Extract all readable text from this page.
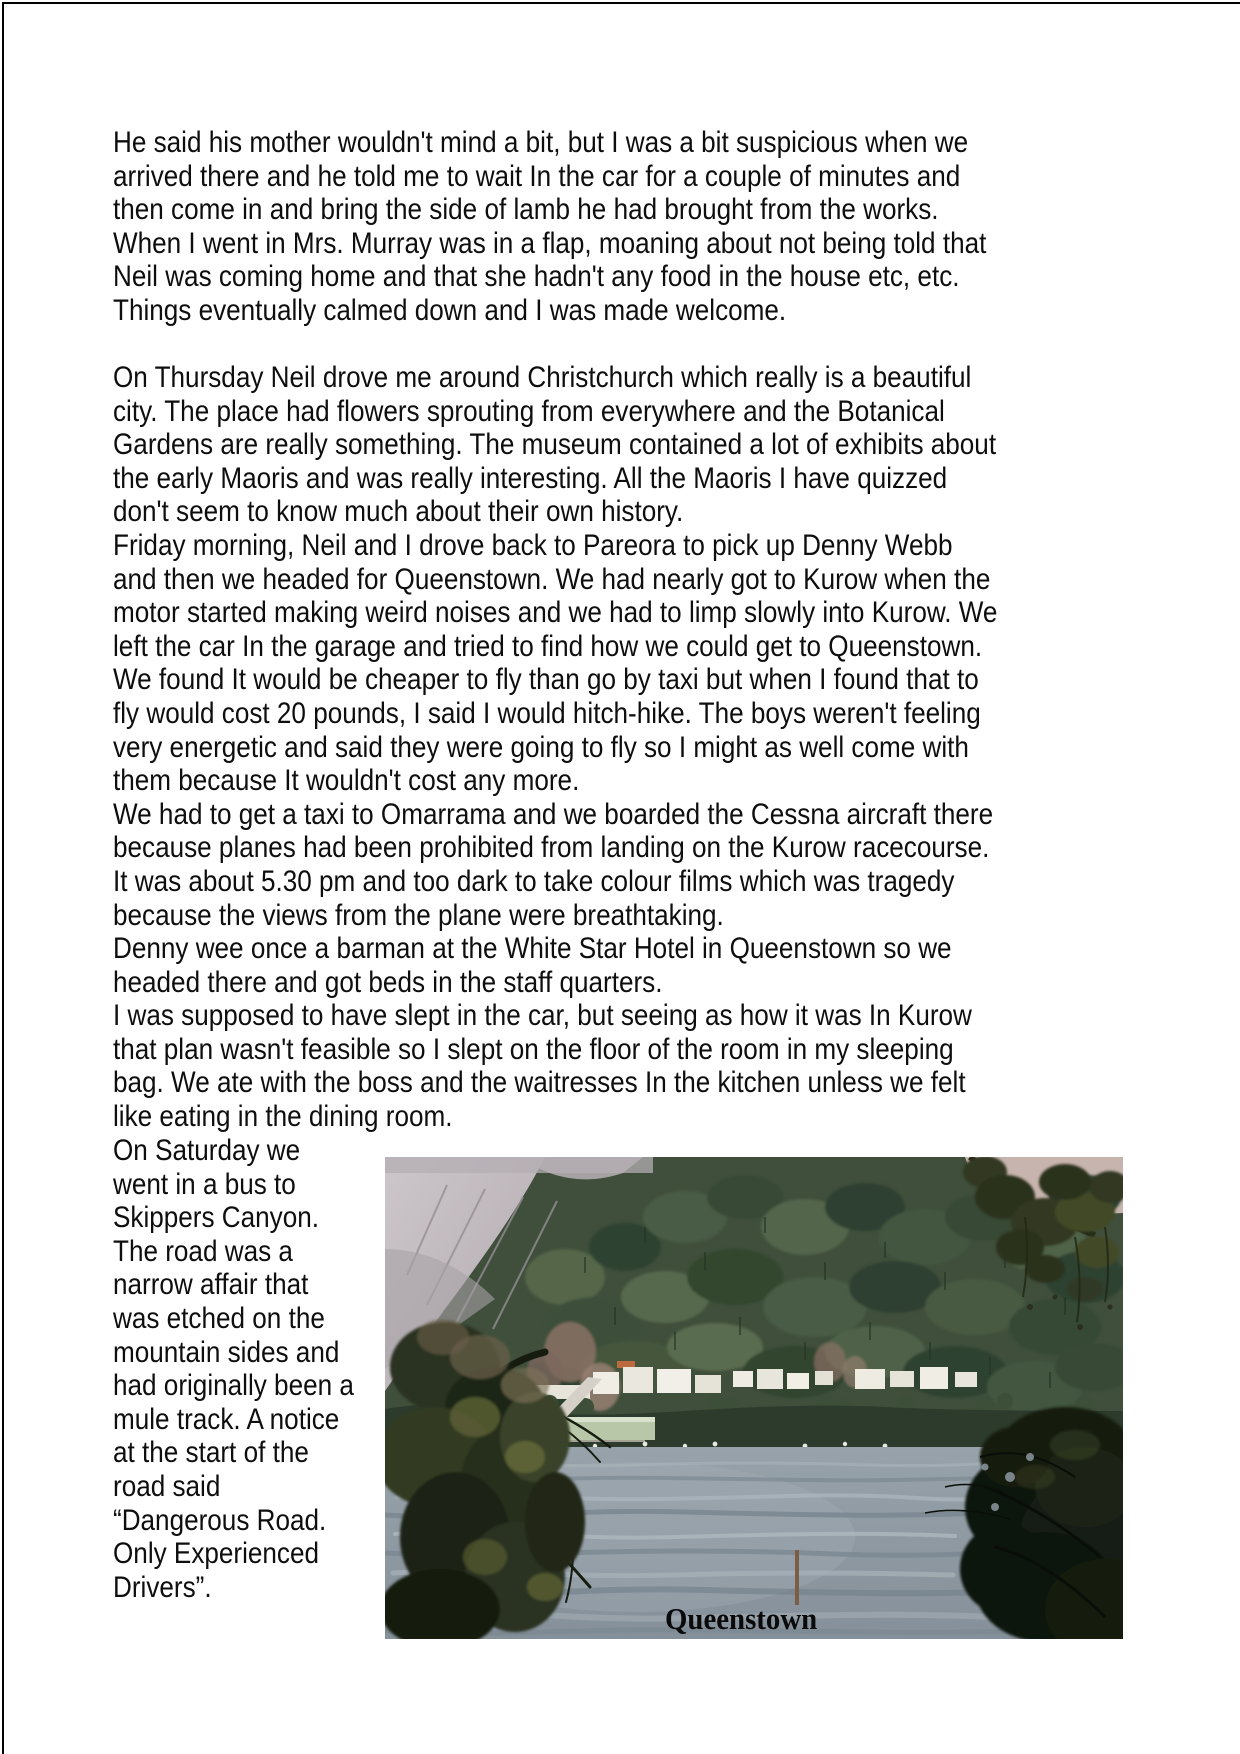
He said his mother wouldn't mind a bit, but I was a bit suspicious when we
arrived there and he told me to wait In the car for a couple of minutes and
then come in and bring the side of lamb he had brought from the works.
When I went in Mrs. Murray was in a flap, moaning about not being told that
Neil was coming home and that she hadn't any food in the house etc, etc.
Things eventually calmed down and I was made welcome.
On Thursday Neil drove me around Christchurch which really is a beautiful
city. The place had flowers sprouting from everywhere and the Botanical
Gardens are really something. The museum contained a lot of exhibits about
the early Maoris and was really interesting. All the Maoris I have quizzed
don't seem to know much about their own history.
Friday morning, Neil and I drove back to Pareora to pick up Denny Webb
and then we headed for Queenstown. We had nearly got to Kurow when the
motor started making weird noises and we had to limp slowly into Kurow. We
left the car In the garage and tried to find how we could get to Queenstown.
We found It would be cheaper to fly than go by taxi but when I found that to
fly would cost 20 pounds, I said I would hitch-hike. The boys weren't feeling
very energetic and said they were going to fly so I might as well come with
them because It wouldn't cost any more.
We had to get a taxi to Omarrama and we boarded the Cessna aircraft there
because planes had been prohibited from landing on the Kurow racecourse.
It was about 5.30 pm and too dark to take colour films which was tragedy
because the views from the plane were breathtaking.
Denny wee once a barman at the White Star Hotel in Queenstown so we
headed there and got beds in the staff quarters.
I was supposed to have slept in the car, but seeing as how it was In Kurow
that plan wasn't feasible so I slept on the floor of the room in my sleeping
bag. We ate with the boss and the waitresses In the kitchen unless we felt
like eating in the dining room.
On Saturday we
went in a bus to
Skippers Canyon.
The road was a
narrow affair that
was etched on the
mountain sides and
had originally been a
mule track. A notice
at the start of the
road said
“Dangerous Road.
Only Experienced
Drivers”.
Queenstown
